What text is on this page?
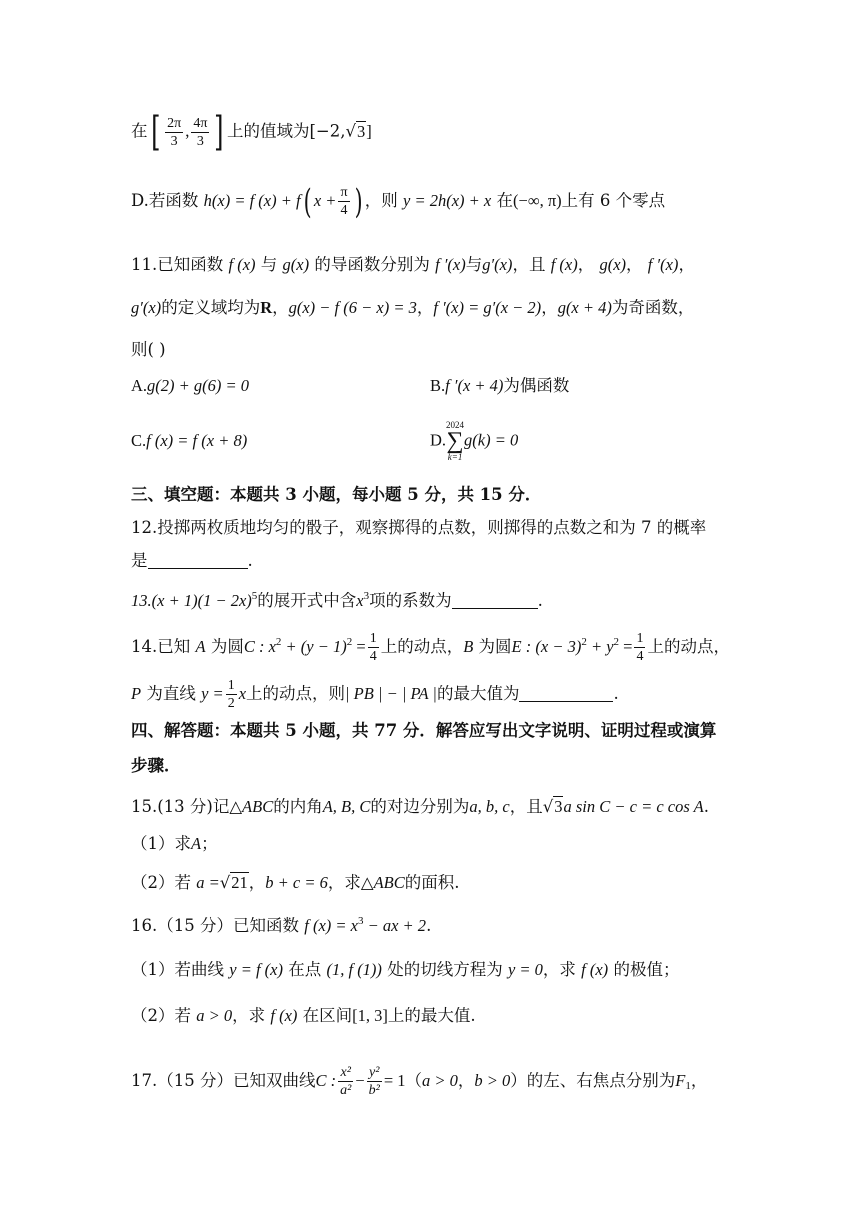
在[ $\frac{2\pi}{3}$ , $\frac{4\pi}{3}$ ] 上的值域为[−2,√3]
D.若函数 h(x) = f (x) + f( $x + \frac{\pi}{4}$ ) ，则 y = 2h(x) + x 在(−∞, π)上有 6 个零点
11.已知函数 f (x) 与 g(x) 的导函数分别为 f ′(x)与g′(x)，且 f (x)， g(x)， f ′(x)，
g′(x)的定义域均为R，g(x) − f (6 − x) = 3，f ′(x) = g′(x − 2)，g(x + 4)为奇函数，
则( )
A.g(2) + g(6) = 0	B.f ′(x + 4)为偶函数
C.f (x) = f (x + 8)	D.
2024
∑
k=1
g(k) = 0
三、填空题：本题共 3 小题，每小题 5 分，共 15 分．
12.投掷两枚质地均匀的骰子，观察掷得的点数，则掷得的点数之和为 7 的概率
是	.
$13.(x + 1)(1 - 2x)^5$的展开式中含$x^3$项的系数为	.
14.已知 A 为圆C : $x^2 + (y - 1)^2 = \frac{1}{4}$ 上的动点，B 为圆E : $(x - 3)^2 + y^2 = \frac{1}{4}$ 上的动点，
P 为直线 $y = \frac{1}{2}$ x上的动点，则| PB | − | PA |的最大值为	.
四、解答题：本题共 5 小题，共 77 分．解答应写出文字说明、证明过程或演算
步骤．
15.(13 分)记△ABC的内角A, B, C的对边分别为a, b, c，且√3a sin C − c = c cos A.
（1）求A；
（2）若 a =√21，b + c = 6，求△ABC的面积.
16.（15 分）已知函数 f $(x) = x^3$ − ax + 2.
（1）若曲线 y = f (x) 在点 (1, f (1)) 处的切线方程为 y = 0，求 f (x) 的极值；
（2）若 a > 0，求 f (x) 在区间[1, 3]上的最大值.
17.（15 分）已知双曲线C : $\frac{\text{x²}}{\text{a²}} - \frac{\text{y²}}{\text{b²}} = 1(a > 0$，b > 0）的左、右焦点分别为$F_1$，
